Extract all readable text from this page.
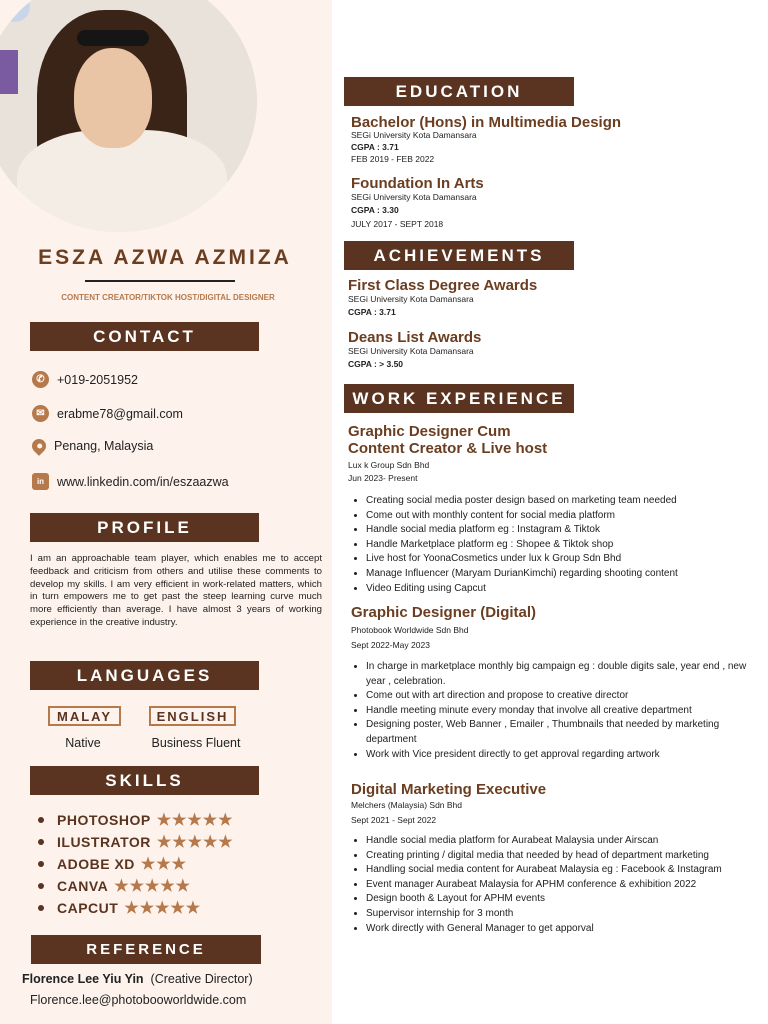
ESZA AZWA AZMIZA
CONTENT CREATOR/TIKTOK HOST/DIGITAL DESIGNER
CONTACT
✆ +019-2051952
✉ erabme78@gmail.com
Penang, Malaysia
in	www.linkedin.com/in/eszaazwa
PROFILE
I am an approachable team player, which enables me to accept feedback and criticism from others and utilise these comments to develop my skills. I am very efficient in work-related matters, which in turn empowers me to get past the steep learning curve much more efficiently than average. I have almost 3 years of working experience in the creative industry.
LANGUAGES
MALAY	ENGLISH
Native	Business Fluent
SKILLS
PHOTOSHOP ★★★★★
ILUSTRATOR ★★★★★
ADOBE XD ★★★
CANVA ★★★★★
CAPCUT ★★★★★
REFERENCE
Florence Lee Yiu Yin (Creative Director)
Florence.lee@photobooworldwide.com
EDUCATION
Bachelor (Hons) in Multimedia Design
SEGi University Kota Damansara
CGPA : 3.71
FEB 2019 - FEB 2022
Foundation In Arts
SEGi University Kota Damansara
CGPA : 3.30
JULY 2017 - SEPT 2018
ACHIEVEMENTS
First Class Degree Awards
SEGi University Kota Damansara
CGPA : 3.71
Deans List Awards
SEGi University Kota Damansara
CGPA : > 3.50
WORK EXPERIENCE
Graphic Designer Cum
Content Creator & Live host
Lux k Group Sdn Bhd
Jun 2023- Present
• Creating social media poster design based on marketing team needed
• Come out with monthly content for social media platform
• Handle social media platform eg : Instagram & Tiktok
• Handle Marketplace platform eg : Shopee & Tiktok shop
• Live host for YoonaCosmetics under lux k Group Sdn Bhd
• Manage Influencer (Maryam DurianKimchi) regarding shooting content
• Video Editing using Capcut
Graphic Designer (Digital)
Photobook Worldwide Sdn Bhd
Sept 2022-May 2023
• In charge in marketplace monthly big campaign eg : double digits sale, year end , new year , celebration.
• Come out with art direction and propose to creative director
• Handle meeting minute every monday that involve all creative department
• Designing poster, Web Banner , Emailer , Thumbnails that needed by marketing department
• Work with Vice president directly to get approval regarding artwork
Digital Marketing Executive
Melchers (Malaysia) Sdn Bhd
Sept 2021 - Sept 2022
• Handle social media platform for Aurabeat Malaysia under Airscan
• Creating printing / digital media that needed by head of department marketing
• Handling social media content for Aurabeat Malaysia eg : Facebook & Instagram
• Event manager Aurabeat Malaysia for APHM conference & exhibition 2022
• Design booth & Layout for APHM events
• Supervisor internship for 3 month
• Work directly with General Manager to get apporval
